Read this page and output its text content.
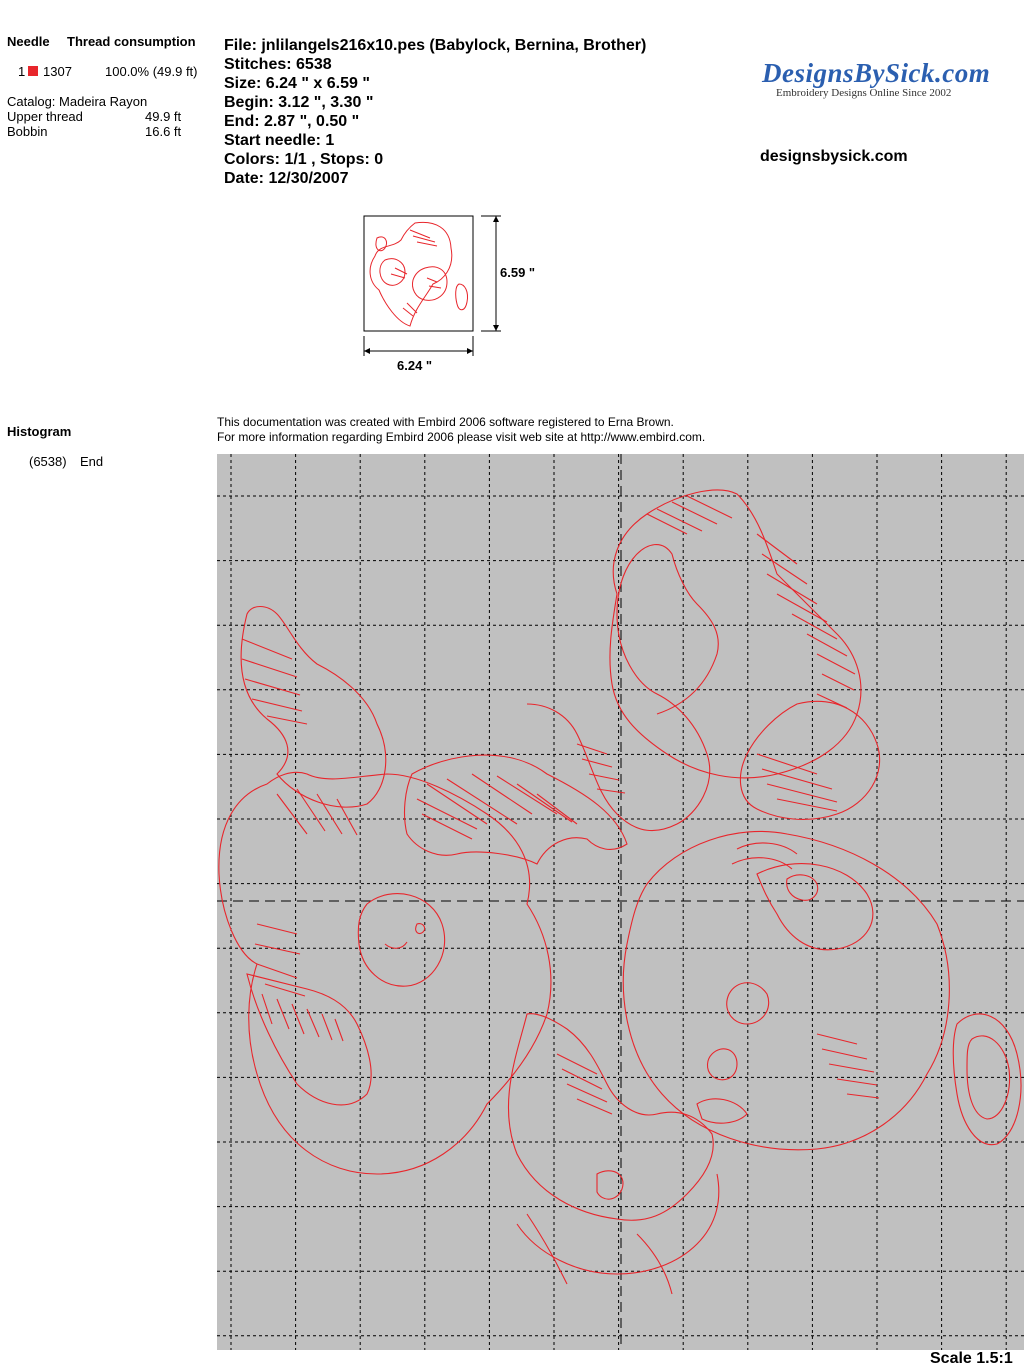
Needle Thread consumption
1 1307	100.0% (49.9 ft)
Catalog: Madeira Rayon
Upper thread	49.9 ft
Bobbin	16.6 ft
Histogram
(6538) End
File: jnlilangels216x10.pes (Babylock, Bernina, Brother)
Stitches: 6538
Size: 6.24 " x 6.59 "
Begin: 3.12 ", 3.30 "
End: 2.87 ", 0.50 "
Start needle: 1
Colors: 1/1 , Stops: 0
Date: 12/30/2007
DesignsBySick.com
Embroidery Designs Online Since 2002
designsbysick.com
6.59 "
6.24 "
This documentation was created with Embird 2006 software registered to Erna Brown.
For more information regarding Embird 2006 please visit web site at http://www.embird.com.
Scale 1.5:1
